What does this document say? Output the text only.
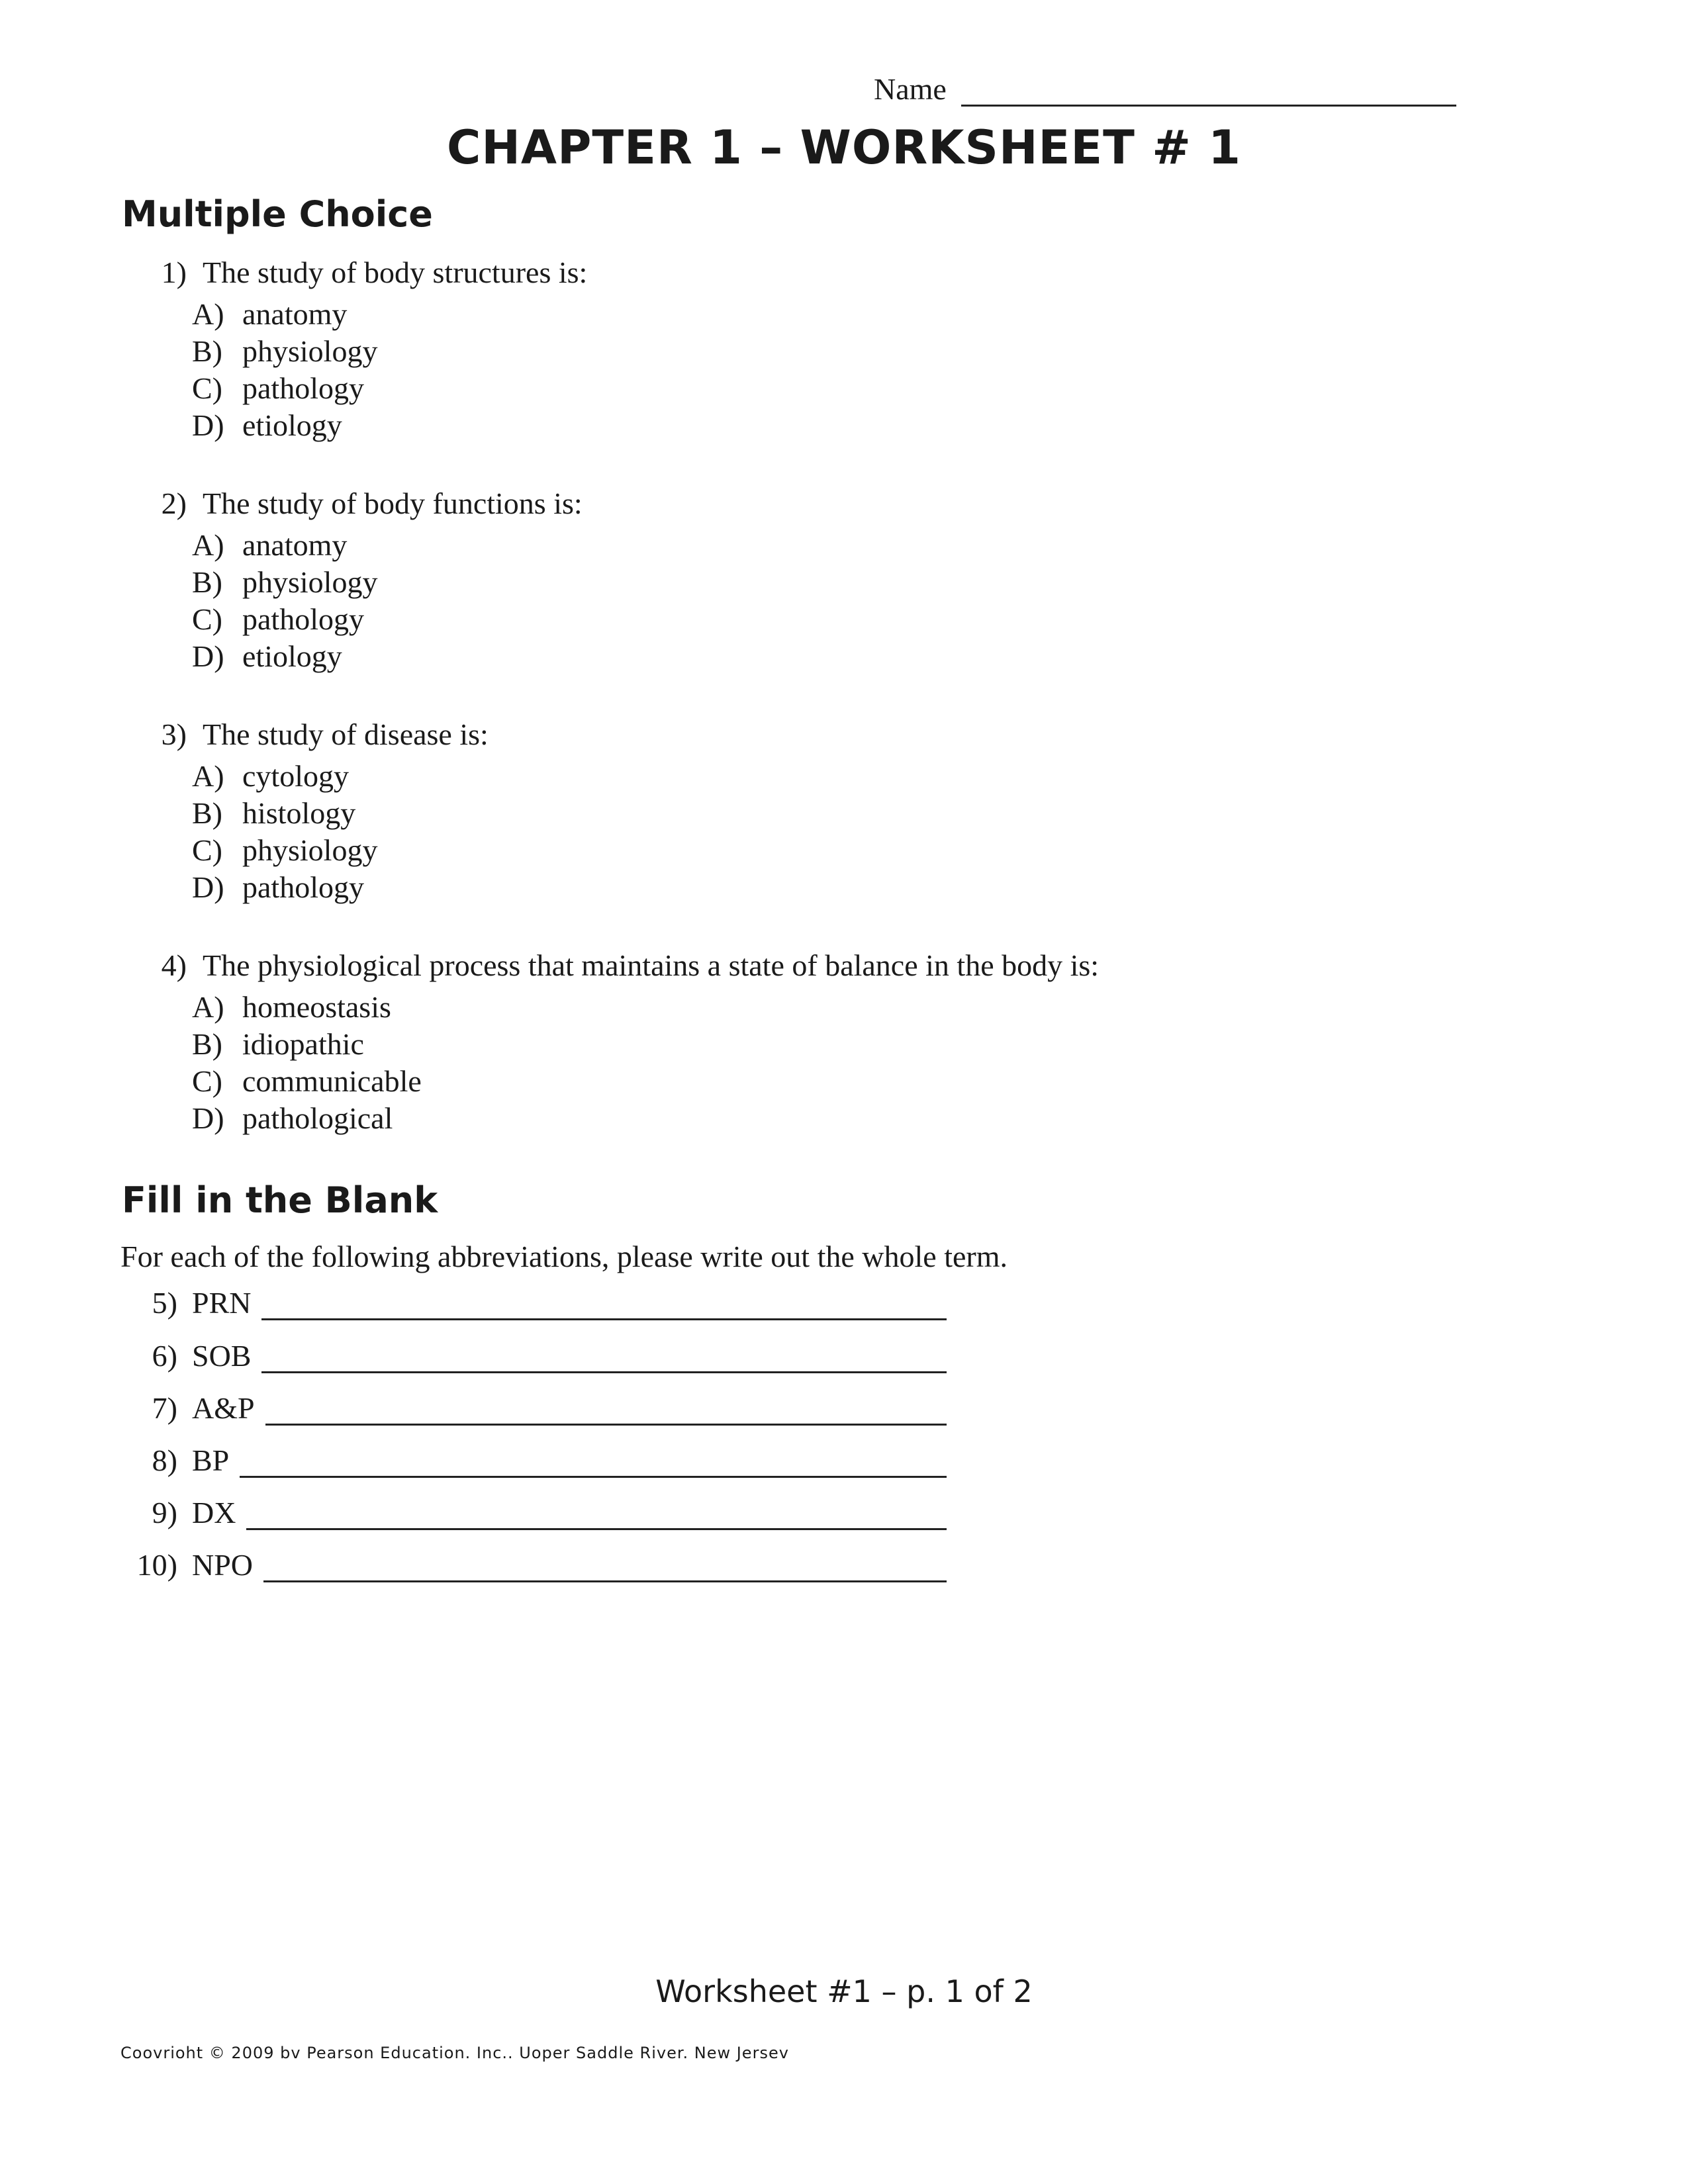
Name
CHAPTER 1 – WORKSHEET # 1
Multiple Choice
1) The study of body structures is:
A) anatomy
B) physiology
C) pathology
D) etiology
2) The study of body functions is:
A) anatomy
B) physiology
C) pathology
D) etiology
3) The study of disease is:
A) cytology
B) histology
C) physiology
D) pathology
4) The physiological process that maintains a state of balance in the body is:
A) homeostasis
B) idiopathic
C) communicable
D) pathological
Fill in the Blank
For each of the following abbreviations, please write out the whole term.
5) PRN
6) SOB
7) A&P
8) BP
9) DX
10) NPO
Worksheet #1 – p. 1 of 2
Coovrioht © 2009 bv Pearson Education. Inc.. Uoper Saddle River. New Jersev
